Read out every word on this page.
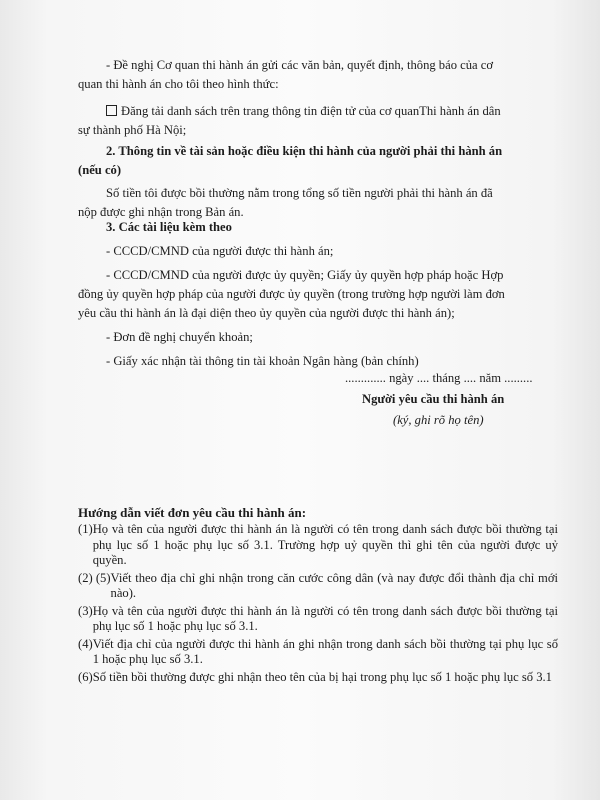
- Đề nghị Cơ quan thi hành án gửi các văn bản, quyết định, thông báo của cơ

quan thi hành án cho tôi theo hình thức:

Đăng tải danh sách trên trang thông tin điện tử của cơ quanThi hành án dân

sự thành phố Hà Nội;

2. Thông tin về tài sản hoặc điều kiện thi hành của người phải thi hành án

(nếu có)

Số tiền tôi được bồi thường nằm trong tổng số tiền người phải thi hành án đã

nộp được ghi nhận trong Bản án.

3. Các tài liệu kèm theo

- CCCD/CMND của người được thi hành án;

- CCCD/CMND của người được ủy quyền; Giấy ủy quyền hợp pháp hoặc Hợp

đồng ủy quyền hợp pháp của người được ủy quyền (trong trường hợp người làm đơn

yêu cầu thi hành án là đại diện theo ủy quyền của người được thi hành án);

- Đơn đề nghị chuyển khoản;

- Giấy xác nhận tài thông tin tài khoản Ngân hàng (bản chính)

............. ngày .... tháng .... năm .........
Người yêu cầu thi hành án
(ký, ghi rõ họ tên)
Hướng dẫn viết đơn yêu cầu thi hành án:
(1) Họ và tên của người được thi hành án là người có tên trong danh sách được bồi thường tại phụ lục số 1 hoặc phụ lục số 3.1. Trường hợp uỷ quyền thì ghi tên của người được uỷ quyền.
(2) (5) Viết theo địa chỉ ghi nhận trong căn cước công dân (và nay được đổi thành địa chỉ mới nào).
(3) Họ và tên của người được thi hành án là người có tên trong danh sách được bồi thường tại phụ lục số 1 hoặc phụ lục số 3.1.
(4) Viết địa chỉ của người được thi hành án ghi nhận trong danh sách bồi thường tại phụ lục số 1 hoặc phụ lục số 3.1.
(6) Số tiền bồi thường được ghi nhận theo tên của bị hại trong phụ lục số 1 hoặc phụ lục số 3.1
